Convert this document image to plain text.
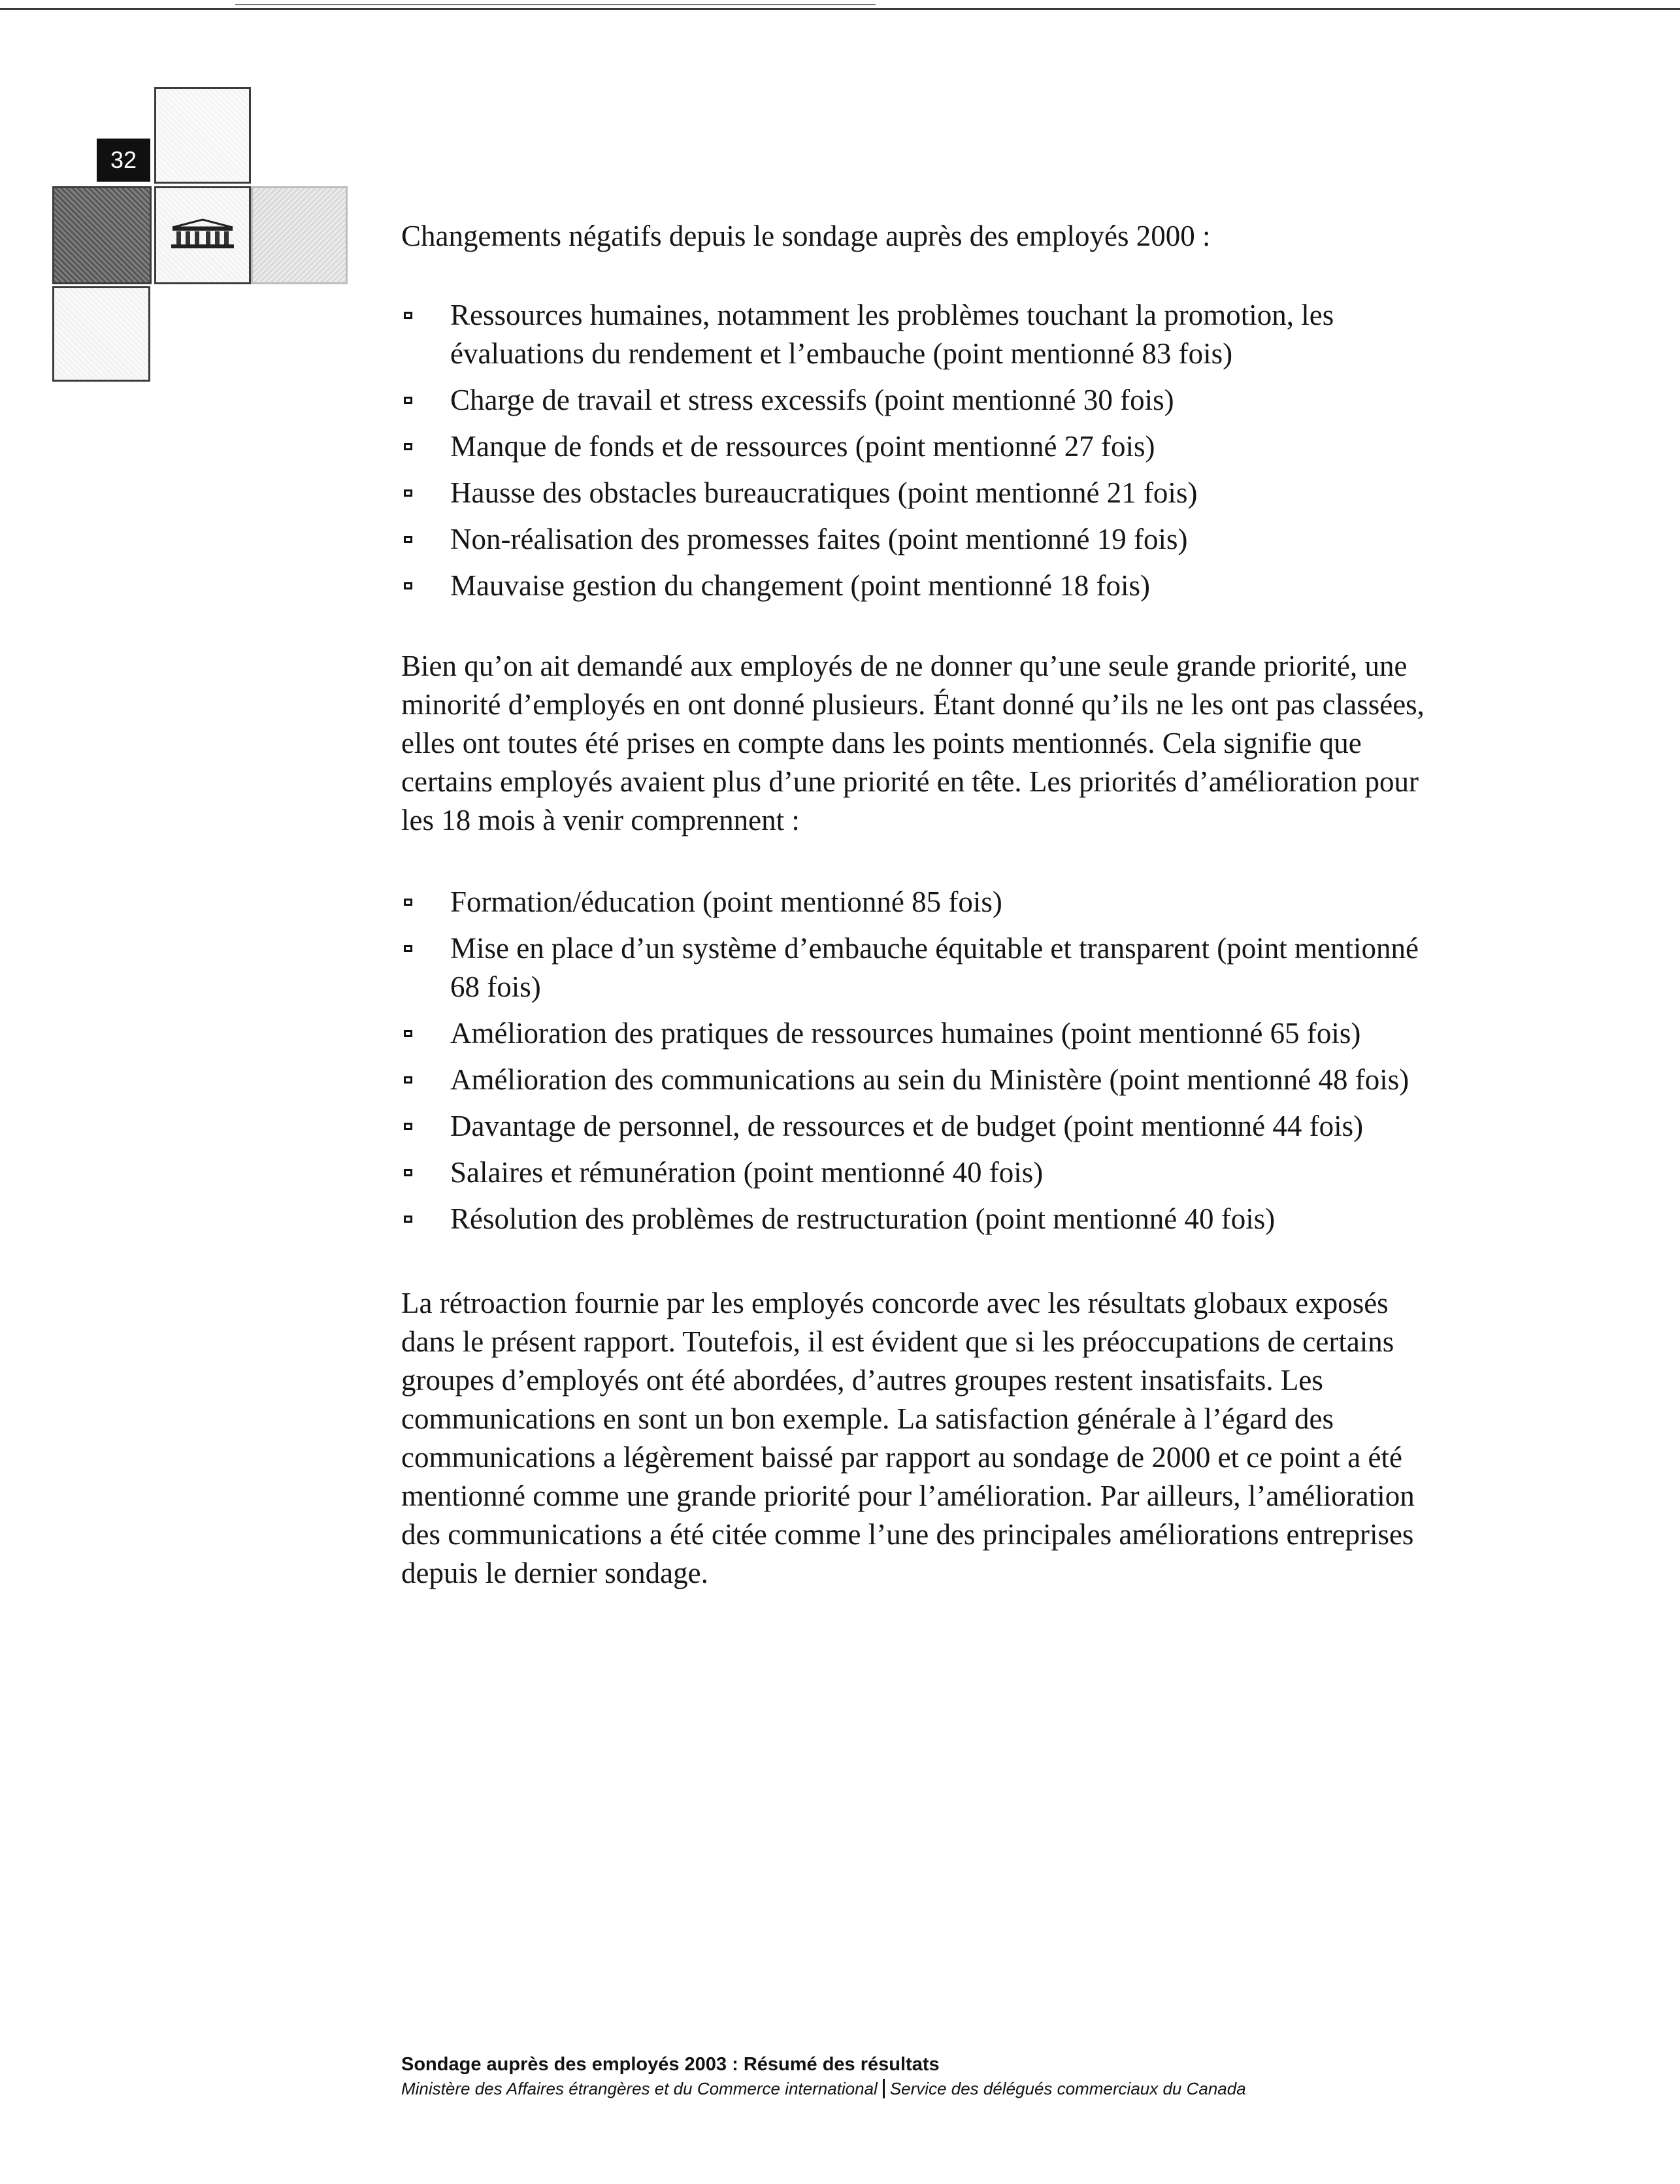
32

Changements négatifs depuis le sondage auprès des employés 2000 :

Ressources humaines, notamment les problèmes touchant la promotion, les évaluations du rendement et l’embauche (point mentionné 83 fois)
Charge de travail et stress excessifs (point mentionné 30 fois)
Manque de fonds et de ressources (point mentionné 27 fois)
Hausse des obstacles bureaucratiques (point mentionné 21 fois)
Non-réalisation des promesses faites (point mentionné 19 fois)
Mauvaise gestion du changement (point mentionné 18 fois)

Bien qu’on ait demandé aux employés de ne donner qu’une seule grande priorité, une minorité d’employés en ont donné plusieurs. Étant donné qu’ils ne les ont pas classées, elles ont toutes été prises en compte dans les points mentionnés. Cela signifie que certains employés avaient plus d’une priorité en tête. Les priorités d’amélioration pour les 18 mois à venir comprennent :

Formation/éducation (point mentionné 85 fois)
Mise en place d’un système d’embauche équitable et transparent (point mentionné 68 fois)
Amélioration des pratiques de ressources humaines (point mentionné 65 fois)
Amélioration des communications au sein du Ministère (point mentionné 48 fois)
Davantage de personnel, de ressources et de budget (point mentionné 44 fois)
Salaires et rémunération (point mentionné 40 fois)
Résolution des problèmes de restructuration (point mentionné 40 fois)

La rétroaction fournie par les employés concorde avec les résultats globaux exposés dans le présent rapport. Toutefois, il est évident que si les préoccupations de certains groupes d’employés ont été abordées, d’autres groupes restent insatisfaits. Les communications en sont un bon exemple. La satisfaction générale à l’égard des communications a légèrement baissé par rapport au sondage de 2000 et ce point a été mentionné comme une grande priorité pour l’amélioration. Par ailleurs, l’amélioration des communications a été citée comme l’une des principales améliorations entreprises depuis le dernier sondage.

Sondage auprès des employés 2003 : Résumé des résultats
Ministère des Affaires étrangères et du Commerce international Service des délégués commerciaux du Canada
